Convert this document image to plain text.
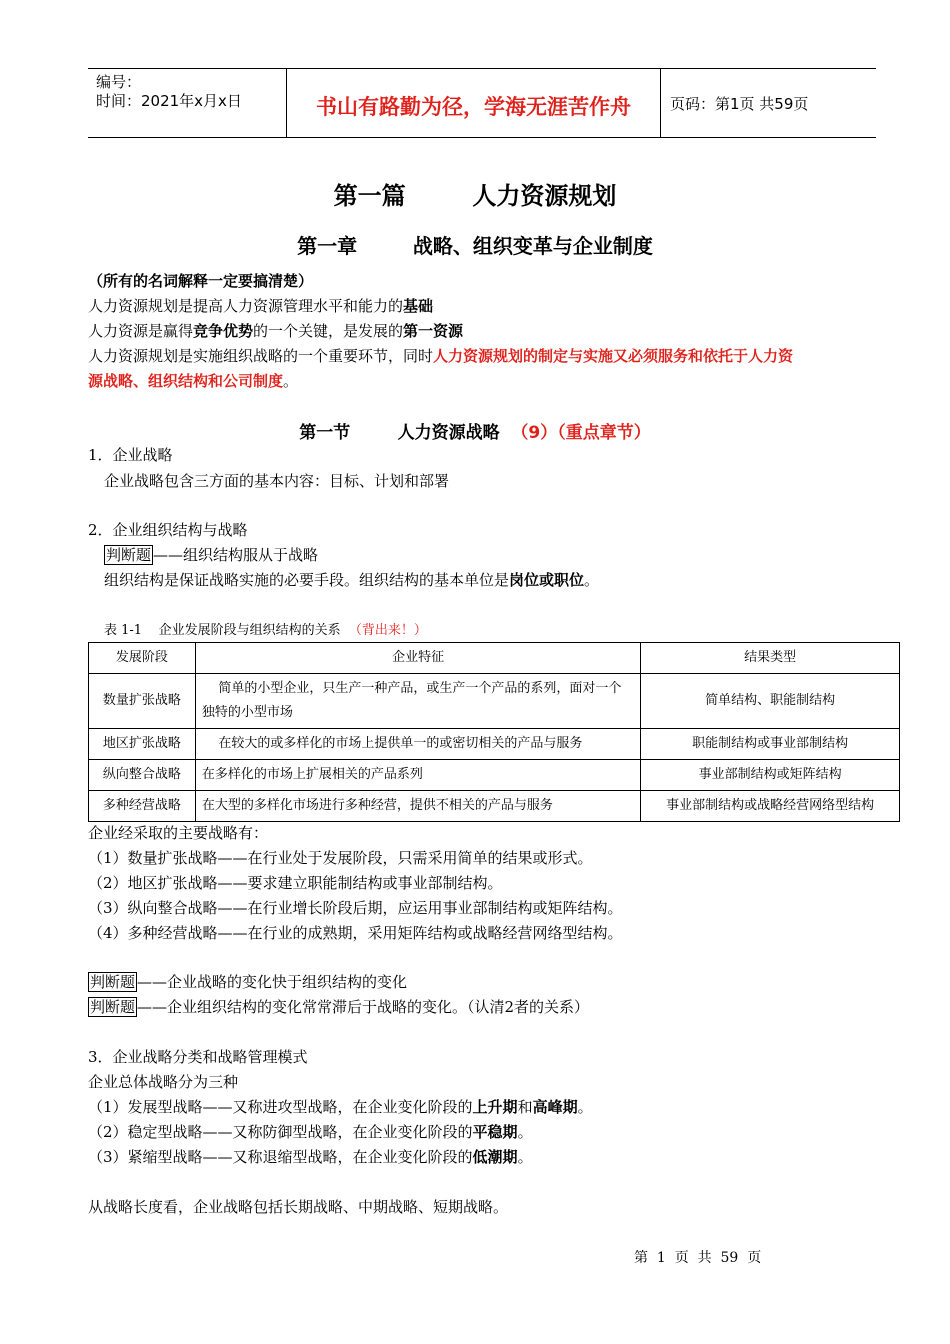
编号：
时间：2021年x月x日	书山有路勤为径，学海无涯苦作舟	页码：第1页 共59页
第一篇        人力资源规划
第一章        战略、组织变革与企业制度
（所有的名词解释一定要搞清楚）
人力资源规划是提高人力资源管理水平和能力的基础
人力资源是赢得竞争优势的一个关键，是发展的第一资源
人力资源规划是实施组织战略的一个重要环节，同时人力资源规划的制定与实施又必须服务和依托于人力资
源战略、组织结构和公司制度。
第一节        人力资源战略  （9）（重点章节）
1．企业战略
企业战略包含三方面的基本内容：目标、计划和部署
2．企业组织结构与战略
判断题 ——组织结构服从于战略
组织结构是保证战略实施的必要手段。组织结构的基本单位是岗位或职位。
表 1-1    企业发展阶段与组织结构的关系  （背出来！）
发展阶段	企业特征	结果类型
数量扩张战略	简单的小型企业，只生产一种产品，或生产一个产品的系列，面对一个独特的小型市场	简单结构、职能制结构
地区扩张战略	在较大的或多样化的市场上提供单一的或密切相关的产品与服务	职能制结构或事业部制结构
纵向整合战略	在多样化的市场上扩展相关的产品系列	事业部制结构或矩阵结构
多种经营战略	在大型的多样化市场进行多种经营，提供不相关的产品与服务	事业部制结构或战略经营网络型结构
企业经采取的主要战略有：
（1）数量扩张战略——在行业处于发展阶段，只需采用简单的结果或形式。
（2）地区扩张战略——要求建立职能制结构或事业部制结构。
（3）纵向整合战略——在行业增长阶段后期，应运用事业部制结构或矩阵结构。
（4）多种经营战略——在行业的成熟期，采用矩阵结构或战略经营网络型结构。
判断题 ——企业战略的变化快于组织结构的变化
判断题 ——企业组织结构的变化常常滞后于战略的变化。（认清2者的关系）
3．企业战略分类和战略管理模式
企业总体战略分为三种
（1）发展型战略——又称进攻型战略，在企业变化阶段的上升期和高峰期。
（2）稳定型战略——又称防御型战略，在企业变化阶段的平稳期。
（3）紧缩型战略——又称退缩型战略，在企业变化阶段的低潮期。
从战略长度看，企业战略包括长期战略、中期战略、短期战略。
第  1  页  共  59  页
